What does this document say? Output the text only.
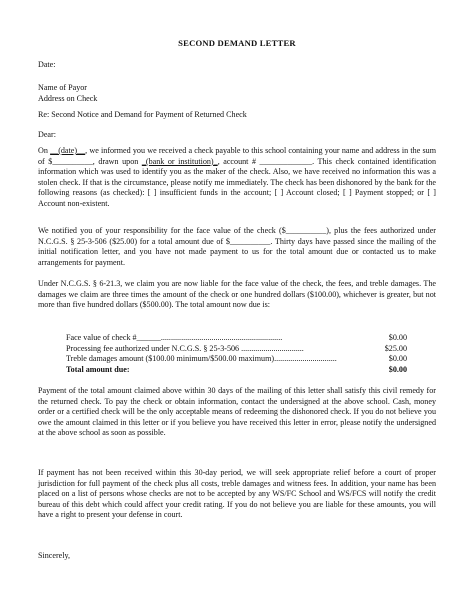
SECOND DEMAND LETTER
Date:
Name of Payor
Address on Check
Re: Second Notice and Demand for Payment of Returned Check
Dear:
On __(date)__, we informed you we received a check payable to this school containing your name and address in the sum of $__________, drawn upon _(bank or institution)_, account # _____________. This check contained identification information which was used to identify you as the maker of the check. Also, we have received no information this was a stolen check. If that is the circumstance, please notify me immediately. The check has been dishonored by the bank for the following reasons (as checked): [ ] insufficient funds in the account; [ ] Account closed; [ ] Payment stopped; or [ ] Account non-existent.
We notified you of your responsibility for the face value of the check ($__________), plus the fees authorized under N.C.G.S. § 25-3-506 ($25.00) for a total amount due of $__________. Thirty days have passed since the mailing of the initial notification letter, and you have not made payment to us for the total amount due or contacted us to make arrangements for payment.
Under N.C.G.S. § 6-21.3, we claim you are now liable for the face value of the check, the fees, and treble damages. The damages we claim are three times the amount of the check or one hundred dollars ($100.00), whichever is greater, but not more than five hundred dollars ($500.00). The total amount now due is:
Face value of check #______............................................................	$0.00
Processing fee authorized under N.C.G.S. § 25-3-506 ...............................	$25.00
Treble damages amount ($100.00 minimum/$500.00 maximum)...............................	$0.00
Total amount due:	$0.00
Payment of the total amount claimed above within 30 days of the mailing of this letter shall satisfy this civil remedy for the returned check. To pay the check or obtain information, contact the undersigned at the above school. Cash, money order or a certified check will be the only acceptable means of redeeming the dishonored check. If you do not believe you owe the amount claimed in this letter or if you believe you have received this letter in error, please notify the undersigned at the above school as soon as possible.
If payment has not been received within this 30-day period, we will seek appropriate relief before a court of proper jurisdiction for full payment of the check plus all costs, treble damages and witness fees. In addition, your name has been placed on a list of persons whose checks are not to be accepted by any WS/FC School and WS/FCS will notify the credit bureau of this debt which could affect your credit rating. If you do not believe you are liable for these amounts, you will have a right to present your defense in court.
Sincerely,
